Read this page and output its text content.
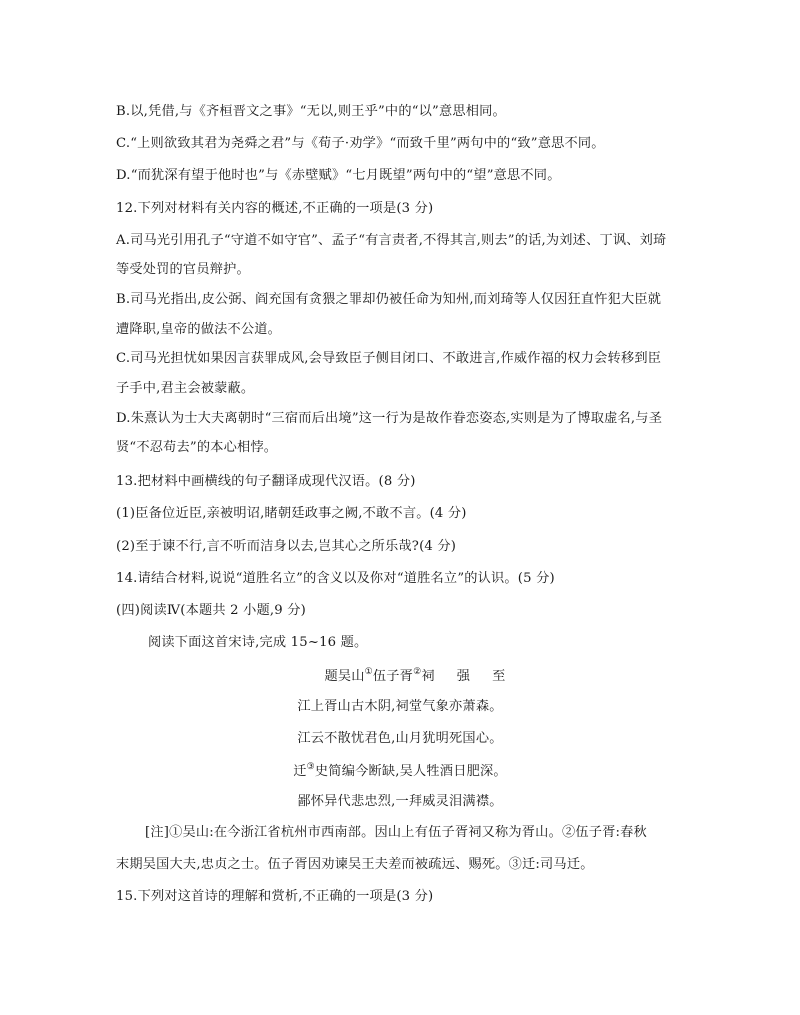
B.以,凭借,与《齐桓晋文之事》“无以,则王乎”中的“以”意思相同。
C.“上则欲致其君为尧舜之君”与《荀子·劝学》“而致千里”两句中的“致”意思不同。
D.“而犹深有望于他时也”与《赤壁赋》“七月既望”两句中的“望”意思不同。
12.下列对材料有关内容的概述,不正确的一项是(3 分)
A.司马光引用孔子“守道不如守官”、孟子“有言责者,不得其言,则去”的话,为刘述、丁讽、刘琦
等受处罚的官员辩护。
B.司马光指出,皮公弼、阎充国有贪猥之罪却仍被任命为知州,而刘琦等人仅因狂直忤犯大臣就
遭降职,皇帝的做法不公道。
C.司马光担忧如果因言获罪成风,会导致臣子侧目闭口、不敢进言,作威作福的权力会转移到臣
子手中,君主会被蒙蔽。
D.朱熹认为士大夫离朝时“三宿而后出境”这一行为是故作眷恋姿态,实则是为了博取虚名,与圣
贤“不忍苟去”的本心相悖。
13.把材料中画横线的句子翻译成现代汉语。(8 分)
(1)臣备位近臣,亲被明诏,睹朝廷政事之阙,不敢不言。(4 分)
(2)至于谏不行,言不听而洁身以去,岂其心之所乐哉?(4 分)
14.请结合材料,说说“道胜名立”的含义以及你对“道胜名立”的认识。(5 分)
(四)阅读Ⅳ(本题共 2 小题,9 分)
阅读下面这首宋诗,完成 15~16 题。
题吴山①伍子胥②祠 强 至
江上胥山古木阴,祠堂气象亦萧森。
江云不散忧君色,山月犹明死国心。
迁③史简编今断缺,吴人牲酒日肥深。
鄙怀异代悲忠烈,一拜威灵泪满襟。
[注]①吴山:在今浙江省杭州市西南部。因山上有伍子胥祠又称为胥山。②伍子胥:春秋
末期吴国大夫,忠贞之士。伍子胥因劝谏吴王夫差而被疏远、赐死。③迁:司马迁。
15.下列对这首诗的理解和赏析,不正确的一项是(3 分)
